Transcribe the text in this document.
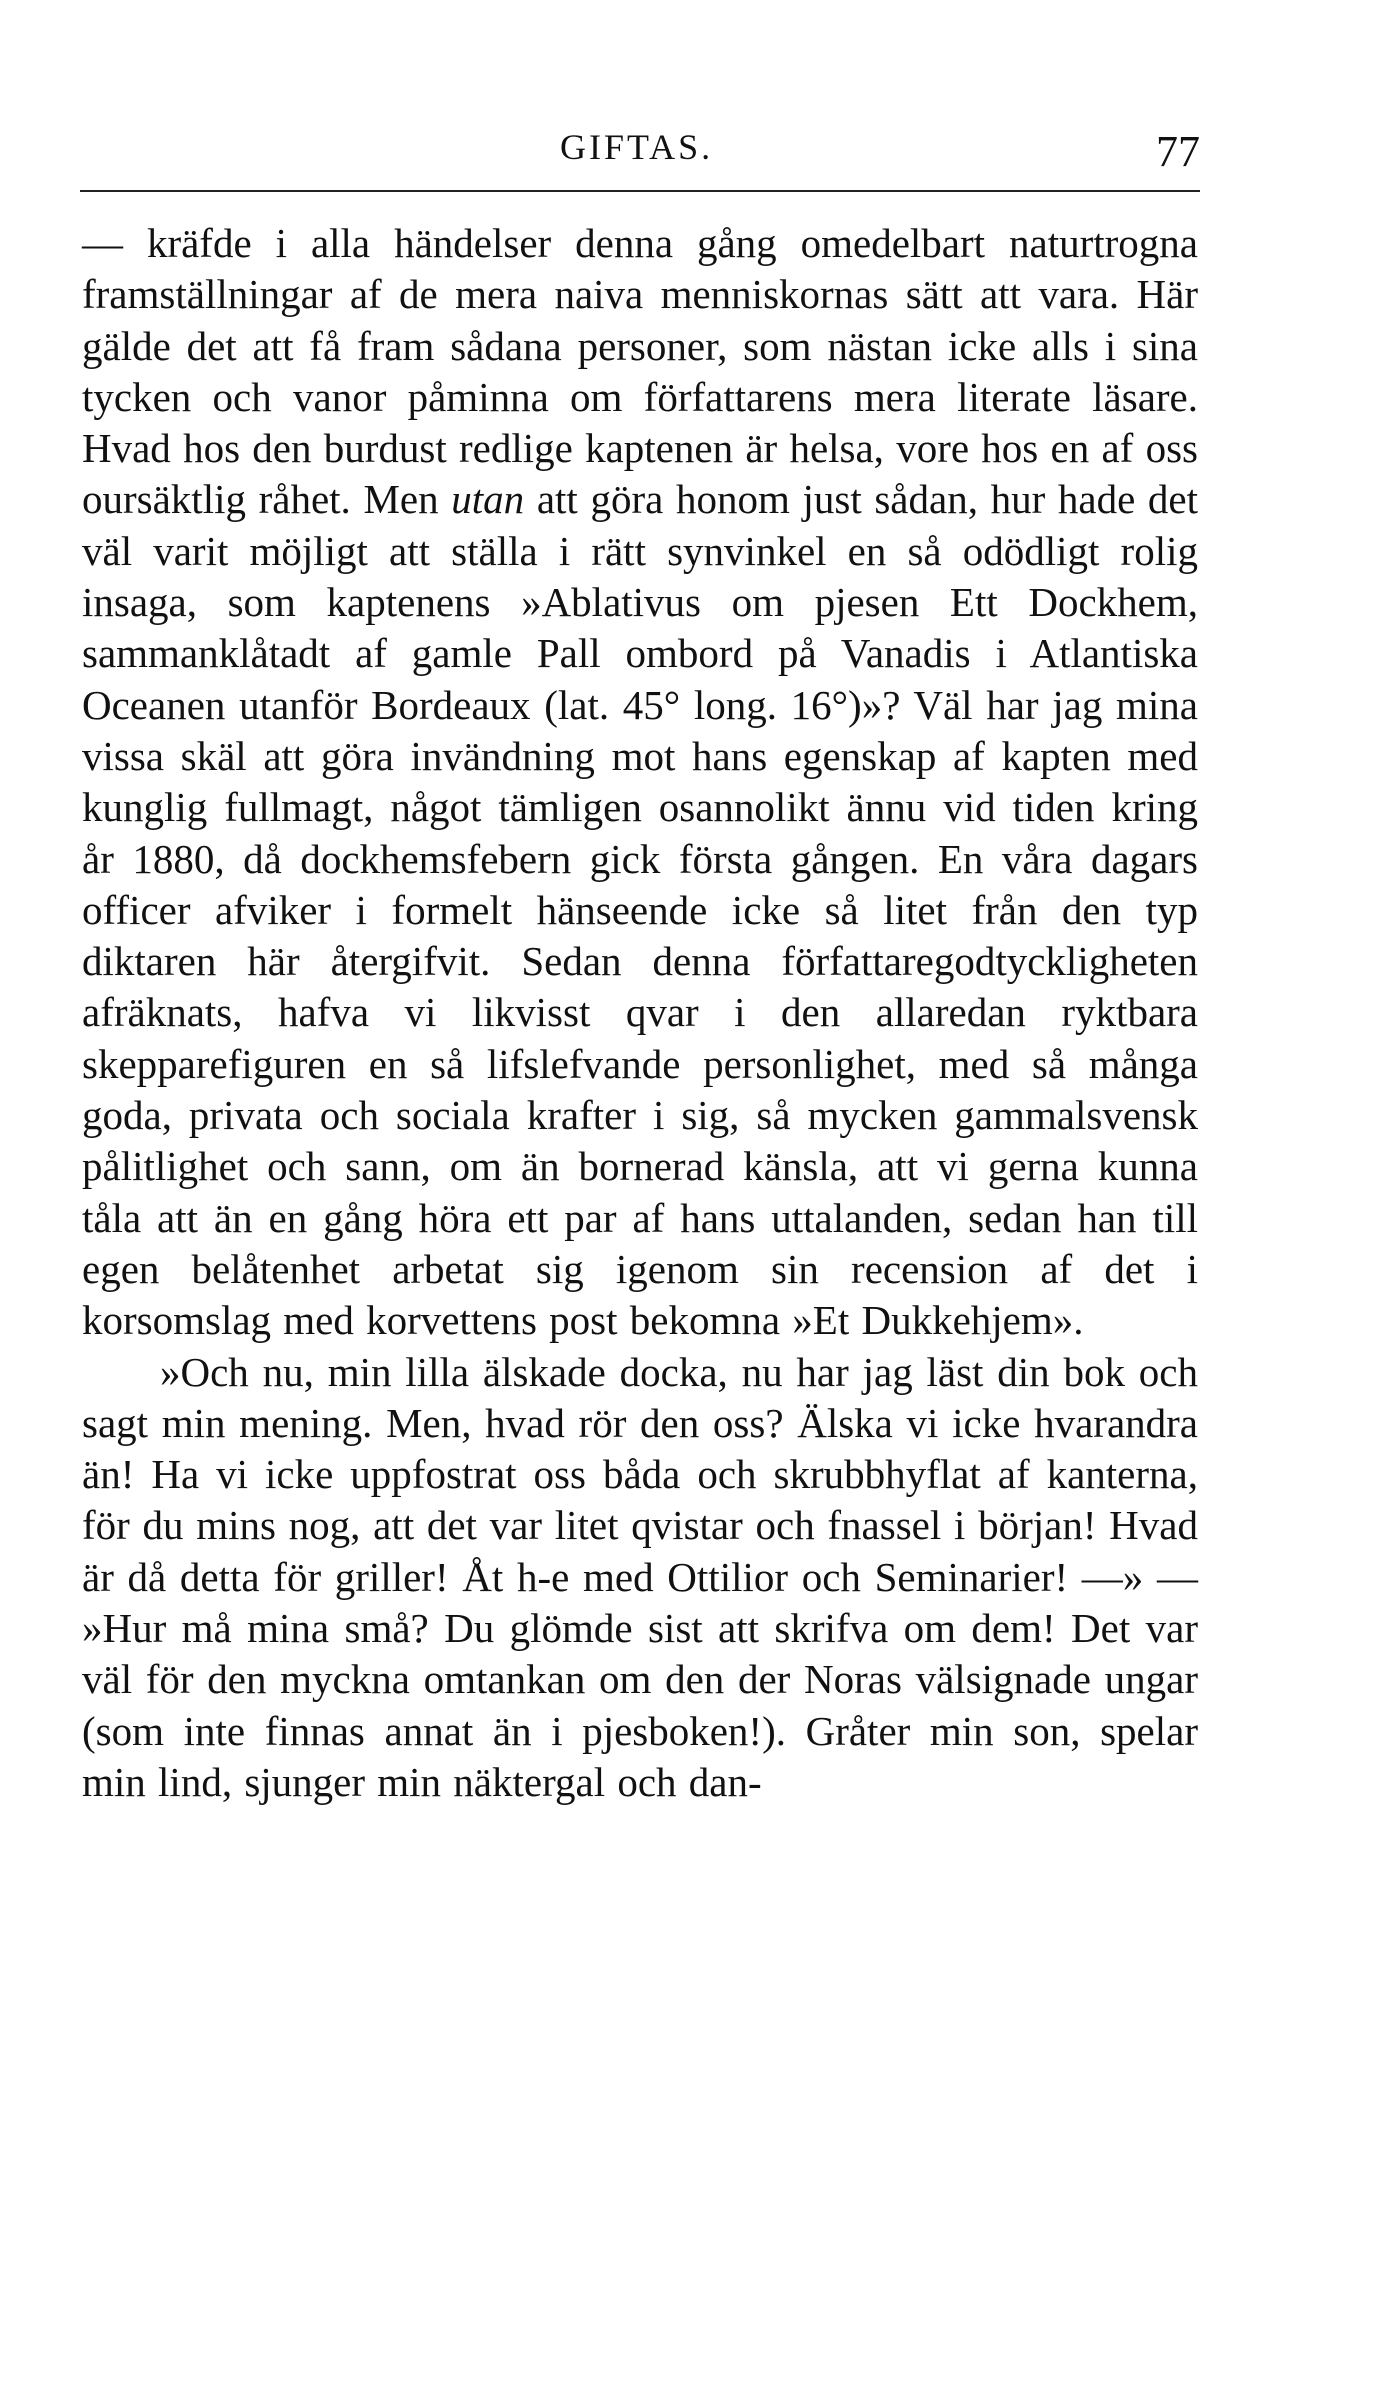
GIFTAS.	77

— kräfde i alla händelser denna gång omedelbart naturtrogna framställningar af de mera naiva menniskornas sätt att vara. Här gälde det att få fram sådana personer, som nästan icke alls i sina tycken och vanor påminna om författarens mera literate läsare. Hvad hos den burdust redlige kaptenen är helsa, vore hos en af oss oursäktlig råhet. Men utan att göra honom just sådan, hur hade det väl varit möjligt att ställa i rätt synvinkel en så odödligt rolig insaga, som kaptenens »Ablativus om pjesen Ett Dockhem, sammanklåtadt af gamle Pall ombord på Vanadis i Atlantiska Oceanen utanför Bordeaux (lat. 45° long. 16°)»? Väl har jag mina vissa skäl att göra invändning mot hans egenskap af kapten med kunglig fullmagt, något tämligen osannolikt ännu vid tiden kring år 1880, då dockhemsfebern gick första gången. En våra dagars officer afviker i formelt hänseende icke så litet från den typ diktaren här återgifvit. Sedan denna författaregodtyckligheten afräknats, hafva vi likvisst qvar i den allaredan ryktbara skepparefiguren en så lifslefvande personlighet, med så många goda, privata och sociala krafter i sig, så mycken gammalsvensk pålitlighet och sann, om än bornerad känsla, att vi gerna kunna tåla att än en gång höra ett par af hans uttalanden, sedan han till egen belåtenhet arbetat sig igenom sin recension af det i korsomslag med korvettens post bekomna »Et Dukkehjem».

»Och nu, min lilla älskade docka, nu har jag läst din bok och sagt min mening. Men, hvad rör den oss? Älska vi icke hvarandra än! Ha vi icke uppfostrat oss båda och skrubbhyflat af kanterna, för du mins nog, att det var litet qvistar och fnassel i början! Hvad är då detta för griller! Åt h-e med Ottilior och Seminarier! —» — »Hur må mina små? Du glömde sist att skrifva om dem! Det var väl för den myckna omtankan om den der Noras välsignade ungar (som inte finnas annat än i pjesboken!). Gråter min son, spelar min lind, sjunger min näktergal och dan-
